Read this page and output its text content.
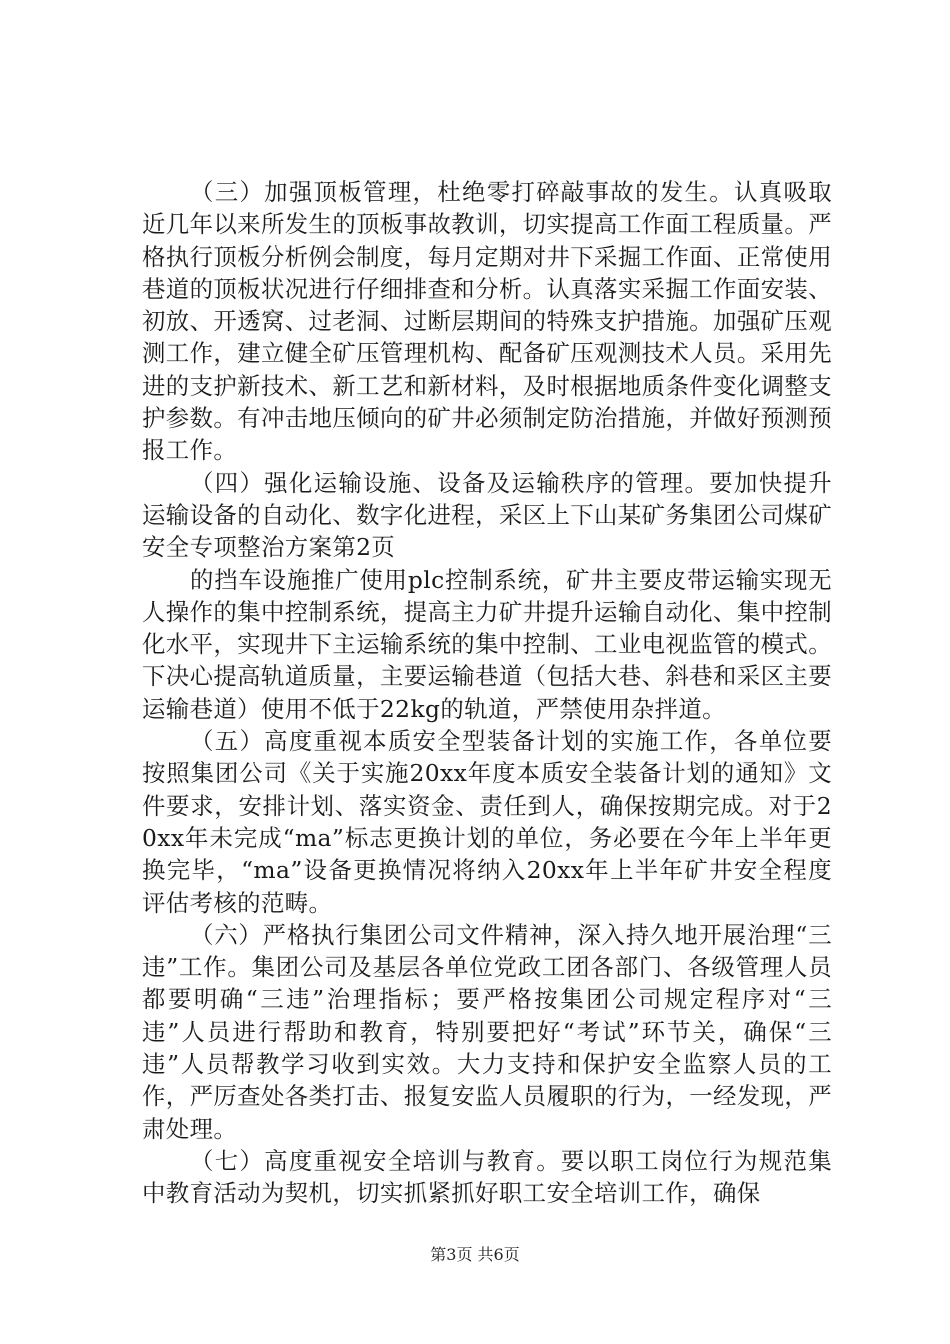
（三）加强顶板管理，杜绝零打碎敲事故的发生。认真吸取近几年以来所发生的顶板事故教训，切实提高工作面工程质量。严格执行顶板分析例会制度，每月定期对井下采掘工作面、正常使用巷道的顶板状况进行仔细排查和分析。认真落实采掘工作面安装、初放、开透窝、过老洞、过断层期间的特殊支护措施。加强矿压观测工作，建立健全矿压管理机构、配备矿压观测技术人员。采用先进的支护新技术、新工艺和新材料，及时根据地质条件变化调整支护参数。有冲击地压倾向的矿井必须制定防治措施，并做好预测预报工作。

（四）强化运输设施、设备及运输秩序的管理。要加快提升运输设备的自动化、数字化进程，采区上下山某矿务集团公司煤矿安全专项整治方案第2页

的挡车设施推广使用plc控制系统，矿井主要皮带运输实现无人操作的集中控制系统，提高主力矿井提升运输自动化、集中控制化水平，实现井下主运输系统的集中控制、工业电视监管的模式。下决心提高轨道质量，主要运输巷道（包括大巷、斜巷和采区主要运输巷道）使用不低于22kg的轨道，严禁使用杂拌道。

（五）高度重视本质安全型装备计划的实施工作，各单位要按照集团公司《关于实施20xx年度本质安全装备计划的通知》文件要求，安排计划、落实资金、责任到人，确保按期完成。对于20xx年未完成“ma”标志更换计划的单位，务必要在今年上半年更换完毕，“ma”设备更换情况将纳入20xx年上半年矿井安全程度评估考核的范畴。

（六）严格执行集团公司文件精神，深入持久地开展治理“三违”工作。集团公司及基层各单位党政工团各部门、各级管理人员都要明确“三违”治理指标；要严格按集团公司规定程序对“三违”人员进行帮助和教育，特别要把好“考试”环节关，确保“三违”人员帮教学习收到实效。大力支持和保护安全监察人员的工作，严厉查处各类打击、报复安监人员履职的行为，一经发现，严肃处理。

（七）高度重视安全培训与教育。要以职工岗位行为规范集中教育活动为契机，切实抓紧抓好职工安全培训工作，确保

第3页 共6页
